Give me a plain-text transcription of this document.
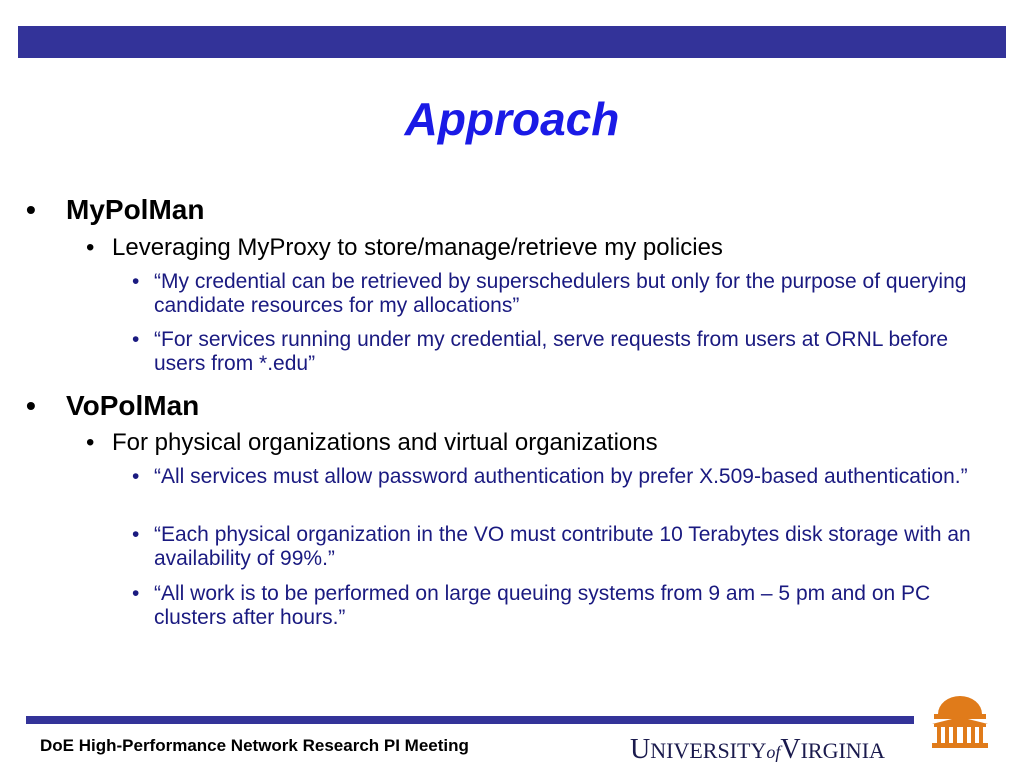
Approach
•	MyPolMan
• Leveraging MyProxy to store/manage/retrieve my policies
• “My credential can be retrieved by superschedulers but only for the purpose of querying candidate resources for my allocations”
• “For services running under my credential, serve requests from users at ORNL before users from *.edu”
•	VoPolMan
• For physical organizations and virtual organizations
• “All services must allow password authentication by prefer X.509-based authentication.”
• “Each physical organization in the VO must contribute 10 Terabytes disk storage with an availability of 99%.”
• “All work is to be performed on large queuing systems from 9 am – 5 pm and on PC clusters after hours.”
DoE High-Performance Network Research PI Meeting	UNIVERSITYofVIRGINIA
